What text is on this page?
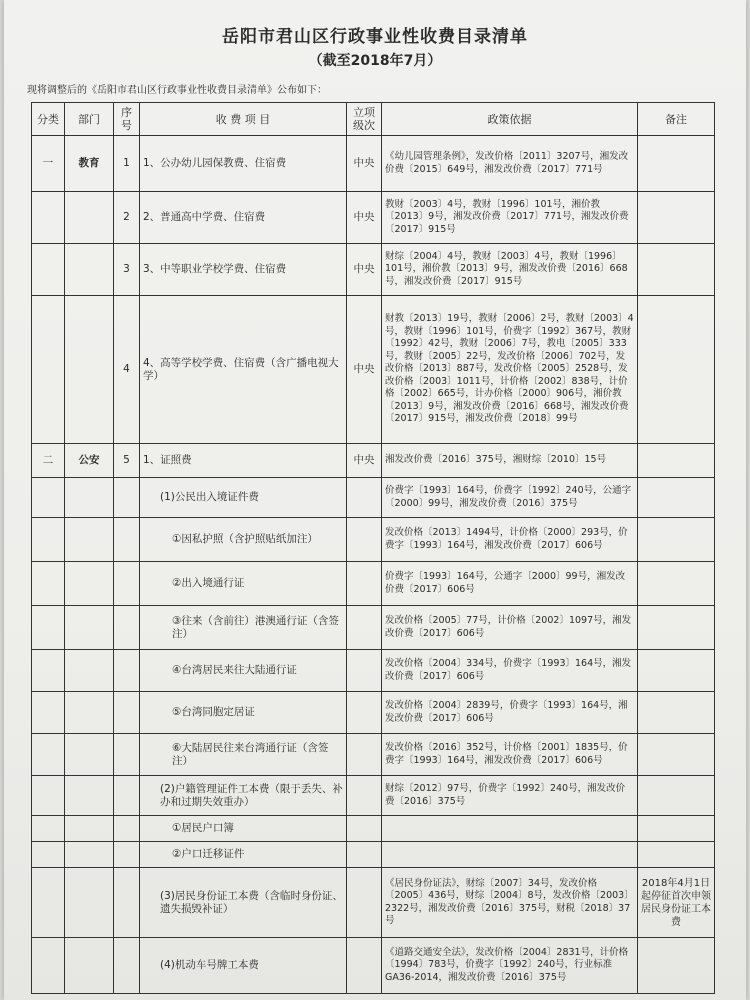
岳阳市君山区行政事业性收费目录清单
（截至2018年7月）
现将调整后的《岳阳市君山区行政事业性收费目录清单》公布如下：
分类	部门	序号	收 费 项 目	立项级次	政策依据	备注
一	教育	1	1、公办幼儿园保教费、住宿费	中央	《幼儿园管理条例》，发改价格〔2011〕3207号，湘发改价费〔2015〕649号，湘发改价费〔2017〕771号	
		2	2、普通高中学费、住宿费	中央	教财〔2003〕4号，教财〔1996〕101号，湘价教〔2013〕9号，湘发改价费〔2017〕771号，湘发改价费〔2017〕915号	
		3	3、中等职业学校学费、住宿费	中央	财综〔2004〕4号，教财〔2003〕4号，教财〔1996〕101号，湘价教〔2013〕9号，湘发改价费〔2016〕668号，湘发改价费〔2017〕915号	
		4	4、高等学校学费、住宿费（含广播电视大学）	中央	财教〔2013〕19号，教财〔2006〕2号，教财〔2003〕4号，教财〔1996〕101号，价费字〔1992〕367号，教财〔1992〕42号，教财〔2006〕7号，教电〔2005〕333号，教财〔2005〕22号，发改价格〔2006〕702号，发改价格〔2013〕887号，发改价格〔2005〕2528号，发改价格〔2003〕1011号，计价格〔2002〕838号，计价格〔2002〕665号，计办价格〔2000〕906号，湘价教〔2013〕9号，湘发改价费〔2016〕668号，湘发改价费〔2017〕915号，湘发改价费〔2018〕99号	
二	公安	5	1、证照费	中央	湘发改价费〔2016〕375号，湘财综〔2010〕15号	
			(1)公民出入境证件费		价费字〔1993〕164号，价费字〔1992〕240号，公通字〔2000〕99号，湘发改价费〔2016〕375号	
			①因私护照（含护照贴纸加注）		发改价格〔2013〕1494号，计价格〔2000〕293号，价费字〔1993〕164号，湘发改价费〔2017〕606号	
			②出入境通行证		价费字〔1993〕164号，公通字〔2000〕99号，湘发改价费〔2017〕606号	
			③往来（含前往）港澳通行证（含签注）		发改价格〔2005〕77号，计价格〔2002〕1097号，湘发改价费〔2017〕606号	
			④台湾居民来往大陆通行证		发改价格〔2004〕334号，价费字〔1993〕164号，湘发改价费〔2017〕606号	
			⑤台湾同胞定居证		发改价格〔2004〕2839号，价费字〔1993〕164号，湘发改价费〔2017〕606号	
			⑥大陆居民往来台湾通行证（含签注）		发改价格〔2016〕352号，计价格〔2001〕1835号，价费字〔1993〕164号，湘发改价费〔2017〕606号	
			(2)户籍管理证件工本费（限于丢失、补办和过期失效重办）		财综〔2012〕97号，价费字〔1992〕240号，湘发改价费〔2016〕375号	
			①居民户口簿			
			②户口迁移证件			
			(3)居民身份证工本费（含临时身份证、遗失损毁补证）		《居民身份证法》，财综〔2007〕34号，发改价格〔2005〕436号，财综〔2004〕8号，发改价格〔2003〕2322号，湘发改价费〔2016〕375号，财税〔2018〕37号	2018年4月1日起停征首次申领居民身份证工本费
			(4)机动车号牌工本费		《道路交通安全法》，发改价格〔2004〕2831号，计价格〔1994〕783号，价费字〔1992〕240号，行业标准GA36-2014，湘发改价费〔2016〕375号	
